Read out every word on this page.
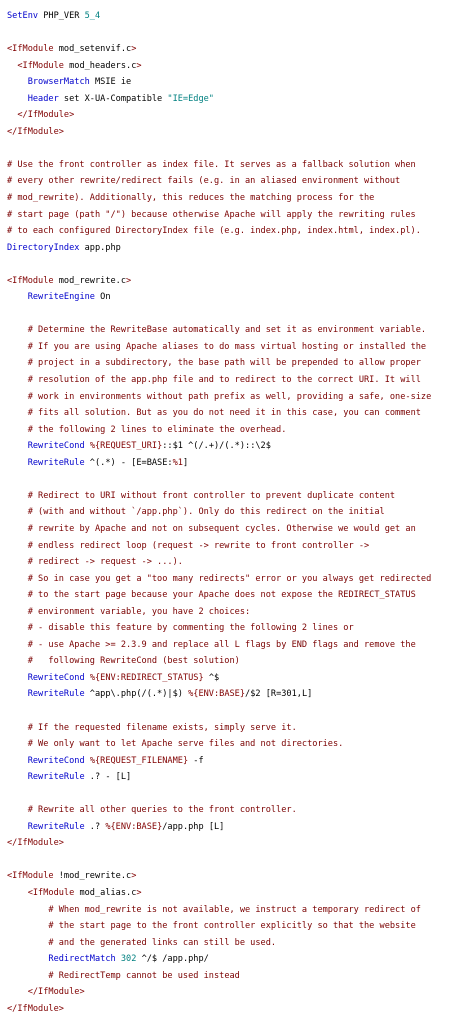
SetEnv PHP_VER 5_4
<IfModule mod_setenvif.c>
<IfModule mod_headers.c>
BrowserMatch MSIE ie
Header set X-UA-Compatible "IE=Edge"
</IfModule>
</IfModule>
# Use the front controller as index file. It serves as a fallback solution when
# every other rewrite/redirect fails (e.g. in an aliased environment without
# mod_rewrite). Additionally, this reduces the matching process for the
# start page (path "/") because otherwise Apache will apply the rewriting rules
# to each configured DirectoryIndex file (e.g. index.php, index.html, index.pl).
DirectoryIndex app.php
<IfModule mod_rewrite.c>
RewriteEngine On
# Determine the RewriteBase automatically and set it as environment variable.
# If you are using Apache aliases to do mass virtual hosting or installed the
# project in a subdirectory, the base path will be prepended to allow proper
# resolution of the app.php file and to redirect to the correct URI. It will
# work in environments without path prefix as well, providing a safe, one-size
# fits all solution. But as you do not need it in this case, you can comment
# the following 2 lines to eliminate the overhead.
RewriteCond %{REQUEST_URI}::$1 ^(/.+)/(.*)::\2$
RewriteRule ^(.*) - [E=BASE:%1]
# Redirect to URI without front controller to prevent duplicate content
# (with and without `/app.php`). Only do this redirect on the initial
# rewrite by Apache and not on subsequent cycles. Otherwise we would get an
# endless redirect loop (request -> rewrite to front controller ->
# redirect -> request -> ...).
# So in case you get a "too many redirects" error or you always get redirected
# to the start page because your Apache does not expose the REDIRECT_STATUS
# environment variable, you have 2 choices:
# - disable this feature by commenting the following 2 lines or
# - use Apache >= 2.3.9 and replace all L flags by END flags and remove the
#   following RewriteCond (best solution)
RewriteCond %{ENV:REDIRECT_STATUS} ^$
RewriteRule ^app\.php(/(.*)|$) %{ENV:BASE}/$2 [R=301,L]
# If the requested filename exists, simply serve it.
# We only want to let Apache serve files and not directories.
RewriteCond %{REQUEST_FILENAME} -f
RewriteRule .? - [L]
# Rewrite all other queries to the front controller.
RewriteRule .? %{ENV:BASE}/app.php [L]
</IfModule>
<IfModule !mod_rewrite.c>
<IfModule mod_alias.c>
# When mod_rewrite is not available, we instruct a temporary redirect of
# the start page to the front controller explicitly so that the website
# and the generated links can still be used.
RedirectMatch 302 ^/$ /app.php/
# RedirectTemp cannot be used instead
</IfModule>
</IfModule>
